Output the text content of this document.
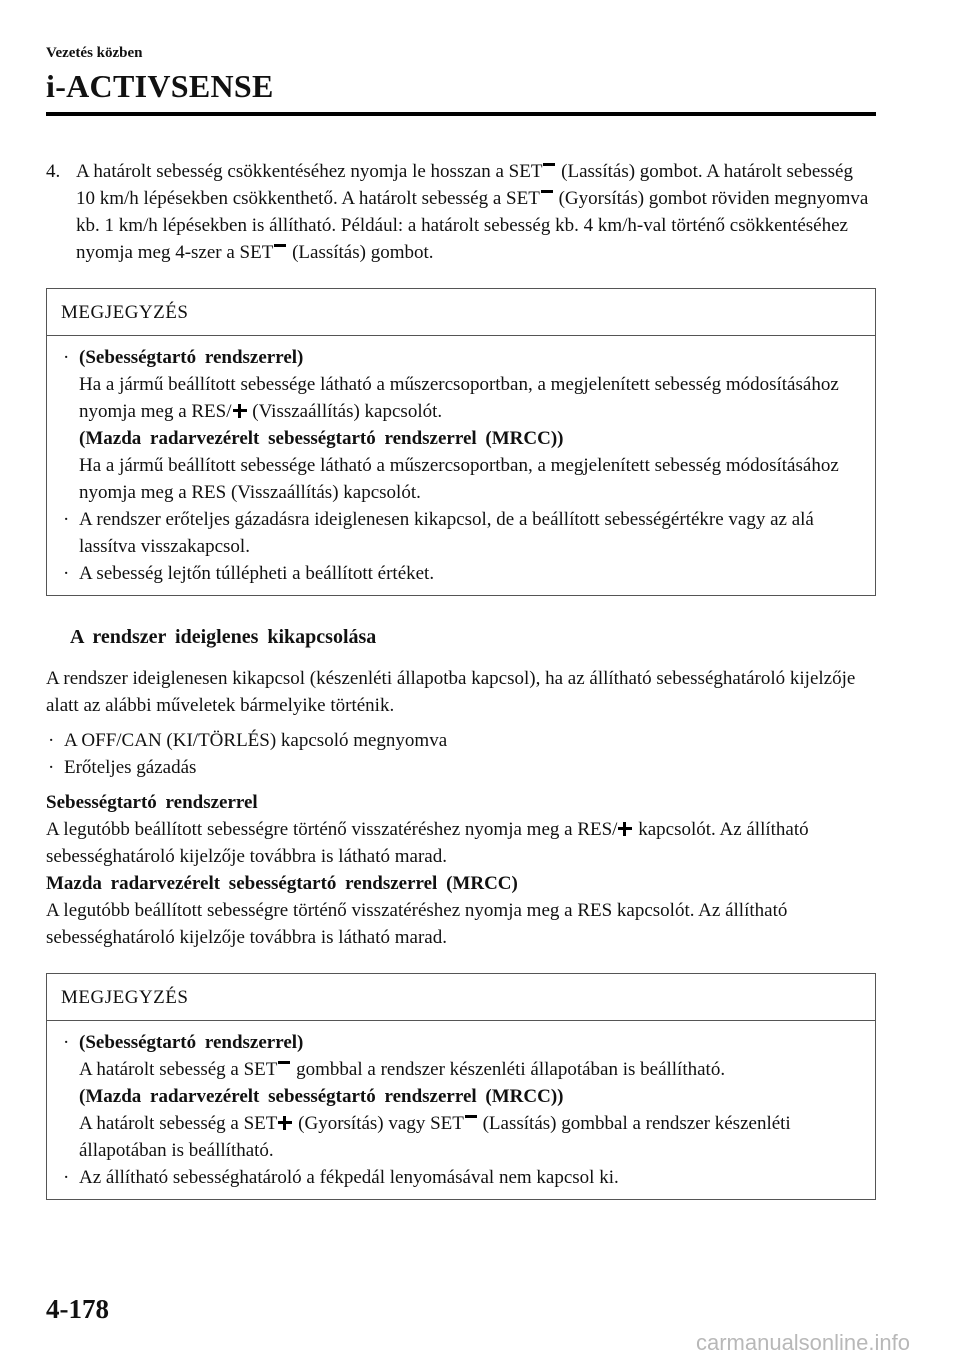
Vezetés közben
i-ACTIVSENSE
4. A határolt sebesség csökkentéséhez nyomja le hosszan a SET (Lassítás) gombot. A határolt sebesség 10 km/h lépésekben csökkenthető. A határolt sebesség a SET (Gyorsítás) gombot röviden megnyomva kb. 1 km/h lépésekben is állítható. Például: a határolt sebesség kb. 4 km/h-val történő csökkentéséhez nyomja meg 4-szer a SET (Lassítás) gombot.
MEGJEGYZÉS
· (Sebességtartó rendszerrel)
Ha a jármű beállított sebessége látható a műszercsoportban, a megjelenített sebesség módosításához nyomja meg a RES/ (Visszaállítás) kapcsolót.
(Mazda radarvezérelt sebességtartó rendszerrel (MRCC))
Ha a jármű beállított sebessége látható a műszercsoportban, a megjelenített sebesség módosításához nyomja meg a RES (Visszaállítás) kapcsolót.
· A rendszer erőteljes gázadásra ideiglenesen kikapcsol, de a beállított sebességértékre vagy az alá lassítva visszakapcsol.
· A sebesség lejtőn túllépheti a beállított értéket.
A rendszer ideiglenes kikapcsolása

A rendszer ideiglenesen kikapcsol (készenléti állapotba kapcsol), ha az állítható sebességhatároló kijelzője alatt az alábbi műveletek bármelyike történik.

· A OFF/CAN (KI/TÖRLÉS) kapcsoló megnyomva
· Erőteljes gázadás
Sebességtartó rendszerrel
A legutóbb beállított sebességre történő visszatéréshez nyomja meg a RES/ kapcsolót. Az állítható sebességhatároló kijelzője továbbra is látható marad.
Mazda radarvezérelt sebességtartó rendszerrel (MRCC)
A legutóbb beállított sebességre történő visszatéréshez nyomja meg a RES kapcsolót. Az állítható sebességhatároló kijelzője továbbra is látható marad.
MEGJEGYZÉS
· (Sebességtartó rendszerrel)
A határolt sebesség a SET gombbal a rendszer készenléti állapotában is beállítható.
(Mazda radarvezérelt sebességtartó rendszerrel (MRCC))
A határolt sebesség a SET (Gyorsítás) vagy SET (Lassítás) gombbal a rendszer készenléti állapotában is beállítható.
· Az állítható sebességhatároló a fékpedál lenyomásával nem kapcsol ki.
4-178
carmanualsonline.info
